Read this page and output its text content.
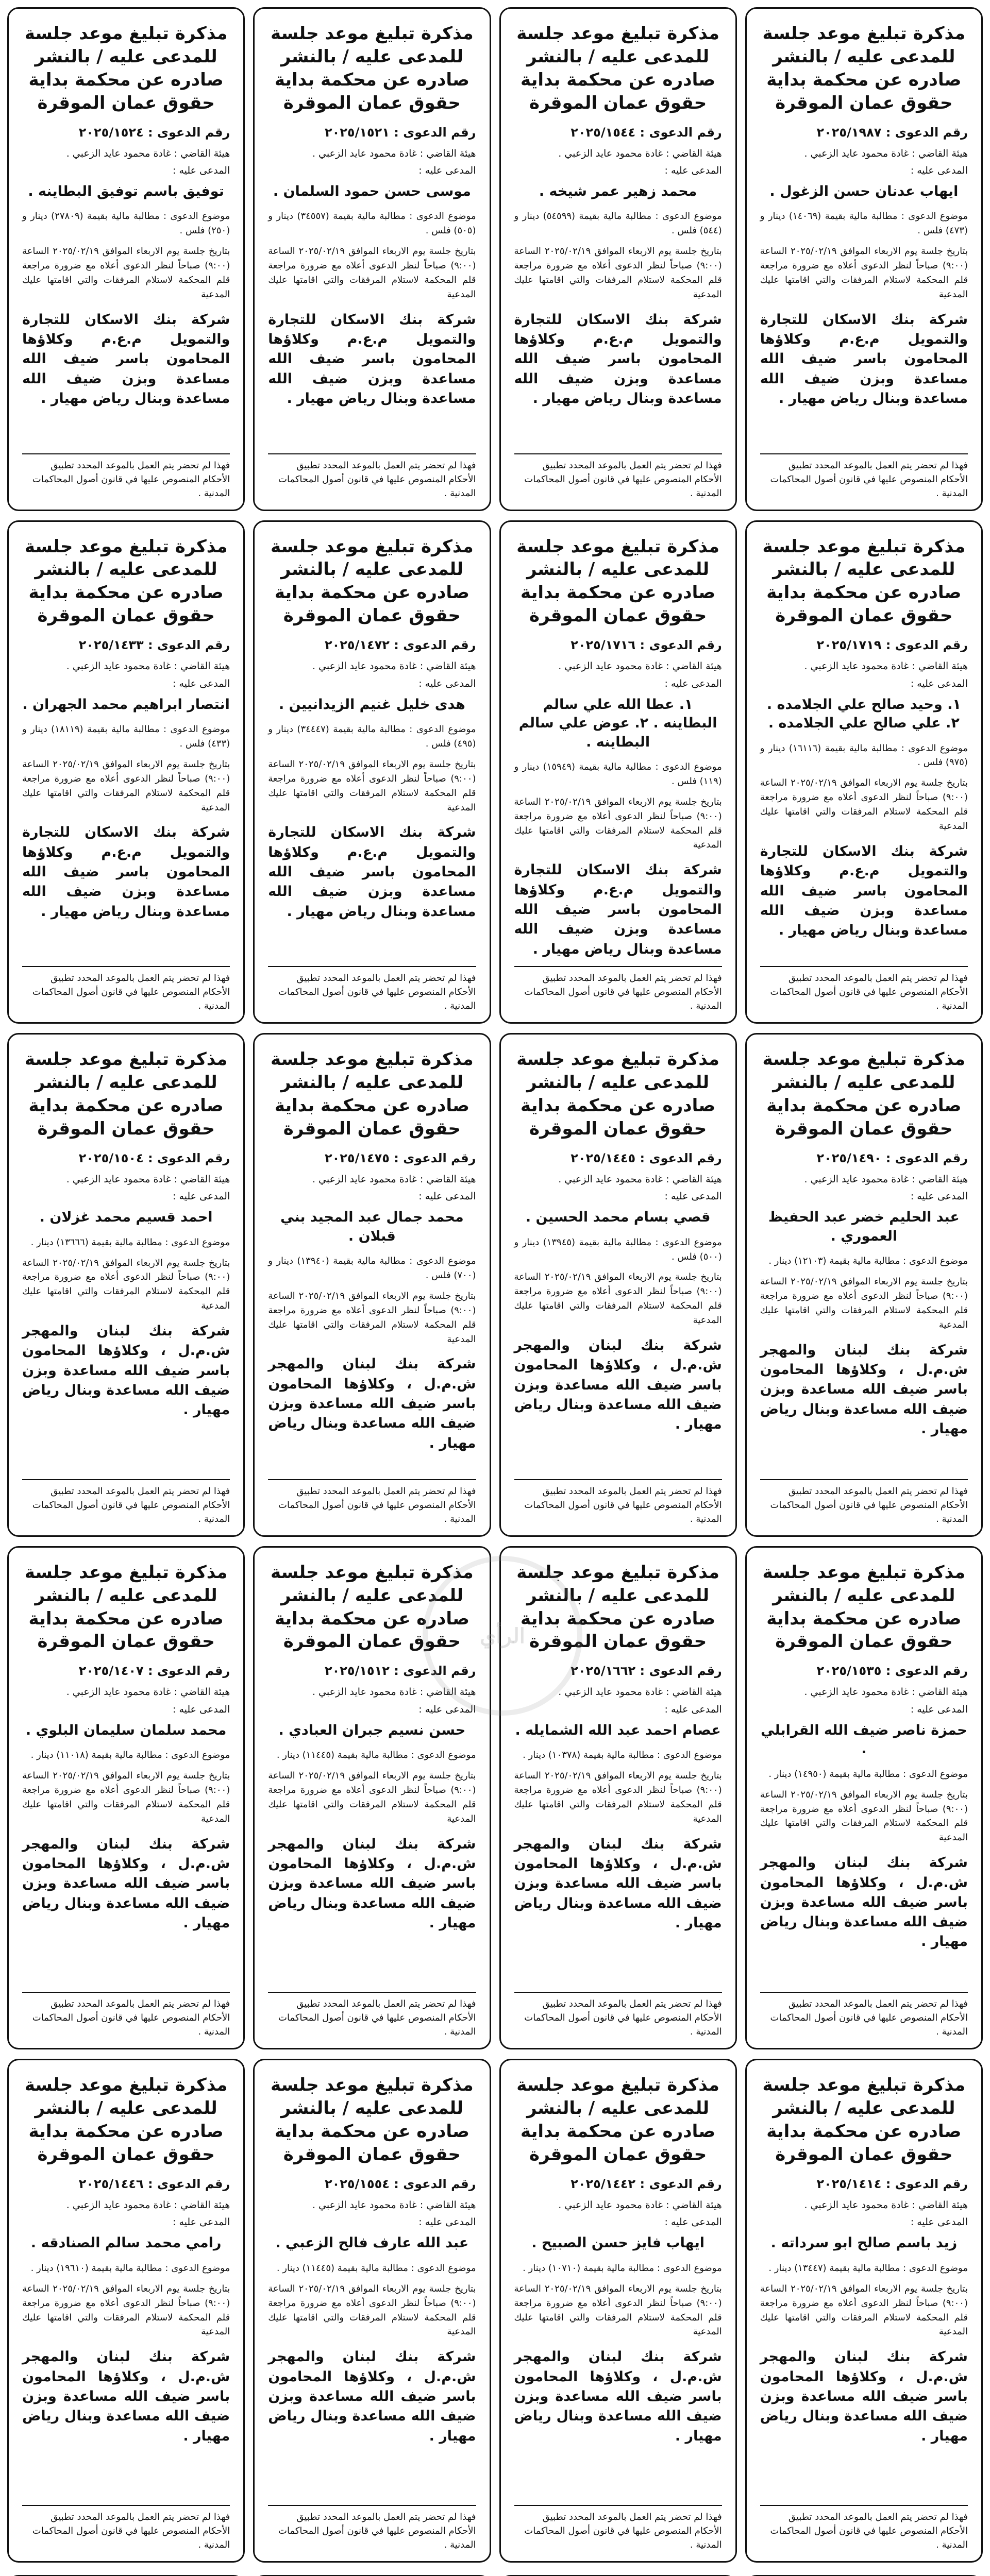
مذكرة تبليغ موعد جلسة للمدعى عليه / بالنشر صادره عن محكمة بداية حقوق عمان الموقرة
رقم الدعوى : ٢٠٢٥/١٩٨٧
هيئة القاضي : غادة محمود عايد الزعبي .
المدعى عليه :
ايهاب عدنان حسن الزغول .
موضوع الدعوى : مطالبة مالية بقيمة (١٤٠٦٩) دينار و (٤٧٣) فلس .
بتاريخ جلسة يوم الاربعاء الموافق ٢٠٢٥/٠٢/١٩ الساعة (٩:٠٠) صباحاً لنظر الدعوى أعلاه مع ضرورة مراجعة قلم المحكمة لاستلام المرفقات والتي اقامتها عليك المدعية
شركة بنك الاسكان للتجارة والتمويل م.ع.م وكلاؤها المحامون باسر ضيف الله مساعدة وبزن ضيف الله مساعدة وبنال رياض مهيار .
فهذا لم تحضر يتم العمل بالموعد المحدد تطبيق الأحكام المنصوص عليها في قانون أصول المحاكمات المدنية .
مذكرة تبليغ موعد جلسة للمدعى عليه / بالنشر صادره عن محكمة بداية حقوق عمان الموقرة
رقم الدعوى : ٢٠٢٥/١٥٤٤
هيئة القاضي : غادة محمود عايد الزعبي .
المدعى عليه :
محمد زهير عمر شيخه .
موضوع الدعوى : مطالبة مالية بقيمة (٥٤٥٩٩) دينار و (٥٤٤) فلس .
بتاريخ جلسة يوم الاربعاء الموافق ٢٠٢٥/٠٢/١٩ الساعة (٩:٠٠) صباحاً لنظر الدعوى أعلاه مع ضرورة مراجعة قلم المحكمة لاستلام المرفقات والتي اقامتها عليك المدعية
شركة بنك الاسكان للتجارة والتمويل م.ع.م وكلاؤها المحامون باسر ضيف الله مساعدة وبزن ضيف الله مساعدة وبنال رياض مهيار .
فهذا لم تحضر يتم العمل بالموعد المحدد تطبيق الأحكام المنصوص عليها في قانون أصول المحاكمات المدنية .
مذكرة تبليغ موعد جلسة للمدعى عليه / بالنشر صادره عن محكمة بداية حقوق عمان الموقرة
رقم الدعوى : ٢٠٢٥/١٥٢١
هيئة القاضي : غادة محمود عايد الزعبي .
المدعى عليه :
موسى حسن حمود السلمان .
موضوع الدعوى : مطالبة مالية بقيمة (٣٤٥٥٧) دينار و (٥٠٥) فلس .
بتاريخ جلسة يوم الاربعاء الموافق ٢٠٢٥/٠٢/١٩ الساعة (٩:٠٠) صباحاً لنظر الدعوى أعلاه مع ضرورة مراجعة قلم المحكمة لاستلام المرفقات والتي اقامتها عليك المدعية
شركة بنك الاسكان للتجارة والتمويل م.ع.م وكلاؤها المحامون باسر ضيف الله مساعدة وبزن ضيف الله مساعدة وبنال رياض مهيار .
فهذا لم تحضر يتم العمل بالموعد المحدد تطبيق الأحكام المنصوص عليها في قانون أصول المحاكمات المدنية .
مذكرة تبليغ موعد جلسة للمدعى عليه / بالنشر صادره عن محكمة بداية حقوق عمان الموقرة
رقم الدعوى : ٢٠٢٥/١٥٢٤
هيئة القاضي : غادة محمود عايد الزعبي .
المدعى عليه :
توفيق باسم توفيق البطاينه .
موضوع الدعوى : مطالبة مالية بقيمة (٢٧٨٠٩) دينار و (٢٥٠) فلس .
بتاريخ جلسة يوم الاربعاء الموافق ٢٠٢٥/٠٢/١٩ الساعة (٩:٠٠) صباحاً لنظر الدعوى أعلاه مع ضرورة مراجعة قلم المحكمة لاستلام المرفقات والتي اقامتها عليك المدعية
شركة بنك الاسكان للتجارة والتمويل م.ع.م وكلاؤها المحامون باسر ضيف الله مساعدة وبزن ضيف الله مساعدة وبنال رياض مهيار .
فهذا لم تحضر يتم العمل بالموعد المحدد تطبيق الأحكام المنصوص عليها في قانون أصول المحاكمات المدنية .
مذكرة تبليغ موعد جلسة للمدعى عليه / بالنشر صادره عن محكمة بداية حقوق عمان الموقرة
رقم الدعوى : ٢٠٢٥/١٧١٩
هيئة القاضي : غادة محمود عايد الزعبي .
المدعى عليه :
١. وحيد صالح علي الجلامده . ٢. علي صالح علي الجلامده .
موضوع الدعوى : مطالبة مالية بقيمة (١٦١١٦) دينار و (٩٧٥) فلس .
بتاريخ جلسة يوم الاربعاء الموافق ٢٠٢٥/٠٢/١٩ الساعة (٩:٠٠) صباحاً لنظر الدعوى أعلاه مع ضرورة مراجعة قلم المحكمة لاستلام المرفقات والتي اقامتها عليك المدعية
شركة بنك الاسكان للتجارة والتمويل م.ع.م وكلاؤها المحامون باسر ضيف الله مساعدة وبزن ضيف الله مساعدة وبنال رياض مهيار .
فهذا لم تحضر يتم العمل بالموعد المحدد تطبيق الأحكام المنصوص عليها في قانون أصول المحاكمات المدنية .
مذكرة تبليغ موعد جلسة للمدعى عليه / بالنشر صادره عن محكمة بداية حقوق عمان الموقرة
رقم الدعوى : ٢٠٢٥/١٧١٦
هيئة القاضي : غادة محمود عايد الزعبي .
المدعى عليه :
١. عطا الله علي سالم البطاينه . ٢. عوض علي سالم البطاينه .
موضوع الدعوى : مطالبة مالية بقيمة (١٥٩٤٩) دينار و (١١٩) فلس .
بتاريخ جلسة يوم الاربعاء الموافق ٢٠٢٥/٠٢/١٩ الساعة (٩:٠٠) صباحاً لنظر الدعوى أعلاه مع ضرورة مراجعة قلم المحكمة لاستلام المرفقات والتي اقامتها عليك المدعية
شركة بنك الاسكان للتجارة والتمويل م.ع.م وكلاؤها المحامون باسر ضيف الله مساعدة وبزن ضيف الله مساعدة وبنال رياض مهيار .
فهذا لم تحضر يتم العمل بالموعد المحدد تطبيق الأحكام المنصوص عليها في قانون أصول المحاكمات المدنية .
مذكرة تبليغ موعد جلسة للمدعى عليه / بالنشر صادره عن محكمة بداية حقوق عمان الموقرة
رقم الدعوى : ٢٠٢٥/١٤٧٢
هيئة القاضي : غادة محمود عايد الزعبي .
المدعى عليه :
هدى خليل غنيم الزيدانيين .
موضوع الدعوى : مطالبة مالية بقيمة (٣٤٤٤٧) دينار و (٤٩٥) فلس .
بتاريخ جلسة يوم الاربعاء الموافق ٢٠٢٥/٠٢/١٩ الساعة (٩:٠٠) صباحاً لنظر الدعوى أعلاه مع ضرورة مراجعة قلم المحكمة لاستلام المرفقات والتي اقامتها عليك المدعية
شركة بنك الاسكان للتجارة والتمويل م.ع.م وكلاؤها المحامون باسر ضيف الله مساعدة وبزن ضيف الله مساعدة وبنال رياض مهيار .
فهذا لم تحضر يتم العمل بالموعد المحدد تطبيق الأحكام المنصوص عليها في قانون أصول المحاكمات المدنية .
مذكرة تبليغ موعد جلسة للمدعى عليه / بالنشر صادره عن محكمة بداية حقوق عمان الموقرة
رقم الدعوى : ٢٠٢٥/١٤٣٣
هيئة القاضي : غادة محمود عايد الزعبي .
المدعى عليه :
انتصار ابراهيم محمد الجهران .
موضوع الدعوى : مطالبة مالية بقيمة (١٨١١٩) دينار و (٤٣٣) فلس .
بتاريخ جلسة يوم الاربعاء الموافق ٢٠٢٥/٠٢/١٩ الساعة (٩:٠٠) صباحاً لنظر الدعوى أعلاه مع ضرورة مراجعة قلم المحكمة لاستلام المرفقات والتي اقامتها عليك المدعية
شركة بنك الاسكان للتجارة والتمويل م.ع.م وكلاؤها المحامون باسر ضيف الله مساعدة وبزن ضيف الله مساعدة وبنال رياض مهيار .
فهذا لم تحضر يتم العمل بالموعد المحدد تطبيق الأحكام المنصوص عليها في قانون أصول المحاكمات المدنية .
مذكرة تبليغ موعد جلسة للمدعى عليه / بالنشر صادره عن محكمة بداية حقوق عمان الموقرة
رقم الدعوى : ٢٠٢٥/١٤٩٠
هيئة القاضي : غادة محمود عايد الزعبي .
المدعى عليه :
عبد الحليم خضر عبد الحفيظ العموري .
موضوع الدعوى : مطالبة مالية بقيمة (١٢١٠٣) دينار .
بتاريخ جلسة يوم الاربعاء الموافق ٢٠٢٥/٠٢/١٩ الساعة (٩:٠٠) صباحاً لنظر الدعوى أعلاه مع ضرورة مراجعة قلم المحكمة لاستلام المرفقات والتي اقامتها عليك المدعية
شركة بنك لبنان والمهجر ش.م.ل ، وكلاؤها المحامون باسر ضيف الله مساعدة وبزن ضيف الله مساعدة وبنال رياض مهيار .
فهذا لم تحضر يتم العمل بالموعد المحدد تطبيق الأحكام المنصوص عليها في قانون أصول المحاكمات المدنية .
مذكرة تبليغ موعد جلسة للمدعى عليه / بالنشر صادره عن محكمة بداية حقوق عمان الموقرة
رقم الدعوى : ٢٠٢٥/١٤٤٥
هيئة القاضي : غادة محمود عايد الزعبي .
المدعى عليه :
قصي بسام محمد الحسين .
موضوع الدعوى : مطالبة مالية بقيمة (١٣٩٤٥) دينار و (٥٠٠) فلس .
بتاريخ جلسة يوم الاربعاء الموافق ٢٠٢٥/٠٢/١٩ الساعة (٩:٠٠) صباحاً لنظر الدعوى أعلاه مع ضرورة مراجعة قلم المحكمة لاستلام المرفقات والتي اقامتها عليك المدعية
شركة بنك لبنان والمهجر ش.م.ل ، وكلاؤها المحامون باسر ضيف الله مساعدة وبزن ضيف الله مساعدة وبنال رياض مهيار .
فهذا لم تحضر يتم العمل بالموعد المحدد تطبيق الأحكام المنصوص عليها في قانون أصول المحاكمات المدنية .
مذكرة تبليغ موعد جلسة للمدعى عليه / بالنشر صادره عن محكمة بداية حقوق عمان الموقرة
رقم الدعوى : ٢٠٢٥/١٤٧٥
هيئة القاضي : غادة محمود عايد الزعبي .
المدعى عليه :
محمد جمال عبد المجيد بني قبلان .
موضوع الدعوى : مطالبة مالية بقيمة (١٣٩٤٠) دينار و (٧٠٠) فلس .
بتاريخ جلسة يوم الاربعاء الموافق ٢٠٢٥/٠٢/١٩ الساعة (٩:٠٠) صباحاً لنظر الدعوى أعلاه مع ضرورة مراجعة قلم المحكمة لاستلام المرفقات والتي اقامتها عليك المدعية
شركة بنك لبنان والمهجر ش.م.ل ، وكلاؤها المحامون باسر ضيف الله مساعدة وبزن ضيف الله مساعدة وبنال رياض مهيار .
فهذا لم تحضر يتم العمل بالموعد المحدد تطبيق الأحكام المنصوص عليها في قانون أصول المحاكمات المدنية .
مذكرة تبليغ موعد جلسة للمدعى عليه / بالنشر صادره عن محكمة بداية حقوق عمان الموقرة
رقم الدعوى : ٢٠٢٥/١٥٠٤
هيئة القاضي : غادة محمود عايد الزعبي .
المدعى عليه :
احمد قسيم محمد غزلان .
موضوع الدعوى : مطالبة مالية بقيمة (١٣٦٦٦) دينار .
بتاريخ جلسة يوم الاربعاء الموافق ٢٠٢٥/٠٢/١٩ الساعة (٩:٠٠) صباحاً لنظر الدعوى أعلاه مع ضرورة مراجعة قلم المحكمة لاستلام المرفقات والتي اقامتها عليك المدعية
شركة بنك لبنان والمهجر ش.م.ل ، وكلاؤها المحامون باسر ضيف الله مساعدة وبزن ضيف الله مساعدة وبنال رياض مهيار .
فهذا لم تحضر يتم العمل بالموعد المحدد تطبيق الأحكام المنصوص عليها في قانون أصول المحاكمات المدنية .
مذكرة تبليغ موعد جلسة للمدعى عليه / بالنشر صادره عن محكمة بداية حقوق عمان الموقرة
رقم الدعوى : ٢٠٢٥/١٥٣٥
هيئة القاضي : غادة محمود عايد الزعبي .
المدعى عليه :
حمزة ناصر ضيف الله القرابلي .
موضوع الدعوى : مطالبة مالية بقيمة (١٤٩٥٠) دينار .
بتاريخ جلسة يوم الاربعاء الموافق ٢٠٢٥/٠٢/١٩ الساعة (٩:٠٠) صباحاً لنظر الدعوى أعلاه مع ضرورة مراجعة قلم المحكمة لاستلام المرفقات والتي اقامتها عليك المدعية
شركة بنك لبنان والمهجر ش.م.ل ، وكلاؤها المحامون باسر ضيف الله مساعدة وبزن ضيف الله مساعدة وبنال رياض مهيار .
فهذا لم تحضر يتم العمل بالموعد المحدد تطبيق الأحكام المنصوص عليها في قانون أصول المحاكمات المدنية .
مذكرة تبليغ موعد جلسة للمدعى عليه / بالنشر صادره عن محكمة بداية حقوق عمان الموقرة
رقم الدعوى : ٢٠٢٥/١٦٦٢
هيئة القاضي : غادة محمود عايد الزعبي .
المدعى عليه :
عصام احمد عبد الله الشمايله .
موضوع الدعوى : مطالبة مالية بقيمة (١٠٣٧٨) دينار .
بتاريخ جلسة يوم الاربعاء الموافق ٢٠٢٥/٠٢/١٩ الساعة (٩:٠٠) صباحاً لنظر الدعوى أعلاه مع ضرورة مراجعة قلم المحكمة لاستلام المرفقات والتي اقامتها عليك المدعية
شركة بنك لبنان والمهجر ش.م.ل ، وكلاؤها المحامون باسر ضيف الله مساعدة وبزن ضيف الله مساعدة وبنال رياض مهيار .
فهذا لم تحضر يتم العمل بالموعد المحدد تطبيق الأحكام المنصوص عليها في قانون أصول المحاكمات المدنية .
مذكرة تبليغ موعد جلسة للمدعى عليه / بالنشر صادره عن محكمة بداية حقوق عمان الموقرة
رقم الدعوى : ٢٠٢٥/١٥١٢
هيئة القاضي : غادة محمود عايد الزعبي .
المدعى عليه :
حسن نسيم جبران العبادي .
موضوع الدعوى : مطالبة مالية بقيمة (١١٤٤٥) دينار .
بتاريخ جلسة يوم الاربعاء الموافق ٢٠٢٥/٠٢/١٩ الساعة (٩:٠٠) صباحاً لنظر الدعوى أعلاه مع ضرورة مراجعة قلم المحكمة لاستلام المرفقات والتي اقامتها عليك المدعية
شركة بنك لبنان والمهجر ش.م.ل ، وكلاؤها المحامون باسر ضيف الله مساعدة وبزن ضيف الله مساعدة وبنال رياض مهيار .
فهذا لم تحضر يتم العمل بالموعد المحدد تطبيق الأحكام المنصوص عليها في قانون أصول المحاكمات المدنية .
مذكرة تبليغ موعد جلسة للمدعى عليه / بالنشر صادره عن محكمة بداية حقوق عمان الموقرة
رقم الدعوى : ٢٠٢٥/١٤٠٧
هيئة القاضي : غادة محمود عايد الزعبي .
المدعى عليه :
محمد سلمان سليمان البلوي .
موضوع الدعوى : مطالبة مالية بقيمة (١١٠١٨) دينار .
بتاريخ جلسة يوم الاربعاء الموافق ٢٠٢٥/٠٢/١٩ الساعة (٩:٠٠) صباحاً لنظر الدعوى أعلاه مع ضرورة مراجعة قلم المحكمة لاستلام المرفقات والتي اقامتها عليك المدعية
شركة بنك لبنان والمهجر ش.م.ل ، وكلاؤها المحامون باسر ضيف الله مساعدة وبزن ضيف الله مساعدة وبنال رياض مهيار .
فهذا لم تحضر يتم العمل بالموعد المحدد تطبيق الأحكام المنصوص عليها في قانون أصول المحاكمات المدنية .
مذكرة تبليغ موعد جلسة للمدعى عليه / بالنشر صادره عن محكمة بداية حقوق عمان الموقرة
رقم الدعوى : ٢٠٢٥/١٤١٤
هيئة القاضي : غادة محمود عايد الزعبي .
المدعى عليه :
زيد باسم صالح ابو سرداته .
موضوع الدعوى : مطالبة مالية بقيمة (١٣٤٤٧) دينار .
بتاريخ جلسة يوم الاربعاء الموافق ٢٠٢٥/٠٢/١٩ الساعة (٩:٠٠) صباحاً لنظر الدعوى أعلاه مع ضرورة مراجعة قلم المحكمة لاستلام المرفقات والتي اقامتها عليك المدعية
شركة بنك لبنان والمهجر ش.م.ل ، وكلاؤها المحامون باسر ضيف الله مساعدة وبزن ضيف الله مساعدة وبنال رياض مهيار .
فهذا لم تحضر يتم العمل بالموعد المحدد تطبيق الأحكام المنصوص عليها في قانون أصول المحاكمات المدنية .
مذكرة تبليغ موعد جلسة للمدعى عليه / بالنشر صادره عن محكمة بداية حقوق عمان الموقرة
رقم الدعوى : ٢٠٢٥/١٤٤٢
هيئة القاضي : غادة محمود عايد الزعبي .
المدعى عليه :
ايهاب فايز حسن الصبيح .
موضوع الدعوى : مطالبة مالية بقيمة (١٠٧١٠) دينار .
بتاريخ جلسة يوم الاربعاء الموافق ٢٠٢٥/٠٢/١٩ الساعة (٩:٠٠) صباحاً لنظر الدعوى أعلاه مع ضرورة مراجعة قلم المحكمة لاستلام المرفقات والتي اقامتها عليك المدعية
شركة بنك لبنان والمهجر ش.م.ل ، وكلاؤها المحامون باسر ضيف الله مساعدة وبزن ضيف الله مساعدة وبنال رياض مهيار .
فهذا لم تحضر يتم العمل بالموعد المحدد تطبيق الأحكام المنصوص عليها في قانون أصول المحاكمات المدنية .
مذكرة تبليغ موعد جلسة للمدعى عليه / بالنشر صادره عن محكمة بداية حقوق عمان الموقرة
رقم الدعوى : ٢٠٢٥/١٥٥٤
هيئة القاضي : غادة محمود عايد الزعبي .
المدعى عليه :
عبد الله عارف فالح الزعبي .
موضوع الدعوى : مطالبة مالية بقيمة (١١٤٤٥) دينار .
بتاريخ جلسة يوم الاربعاء الموافق ٢٠٢٥/٠٢/١٩ الساعة (٩:٠٠) صباحاً لنظر الدعوى أعلاه مع ضرورة مراجعة قلم المحكمة لاستلام المرفقات والتي اقامتها عليك المدعية
شركة بنك لبنان والمهجر ش.م.ل ، وكلاؤها المحامون باسر ضيف الله مساعدة وبزن ضيف الله مساعدة وبنال رياض مهيار .
فهذا لم تحضر يتم العمل بالموعد المحدد تطبيق الأحكام المنصوص عليها في قانون أصول المحاكمات المدنية .
مذكرة تبليغ موعد جلسة للمدعى عليه / بالنشر صادره عن محكمة بداية حقوق عمان الموقرة
رقم الدعوى : ٢٠٢٥/١٤٤٦
هيئة القاضي : غادة محمود عايد الزعبي .
المدعى عليه :
رامي محمد سالم الصنادقه .
موضوع الدعوى : مطالبة مالية بقيمة (١٩٦١٠) دينار .
بتاريخ جلسة يوم الاربعاء الموافق ٢٠٢٥/٠٢/١٩ الساعة (٩:٠٠) صباحاً لنظر الدعوى أعلاه مع ضرورة مراجعة قلم المحكمة لاستلام المرفقات والتي اقامتها عليك المدعية
شركة بنك لبنان والمهجر ش.م.ل ، وكلاؤها المحامون باسر ضيف الله مساعدة وبزن ضيف الله مساعدة وبنال رياض مهيار .
فهذا لم تحضر يتم العمل بالموعد المحدد تطبيق الأحكام المنصوص عليها في قانون أصول المحاكمات المدنية .
الرأي
